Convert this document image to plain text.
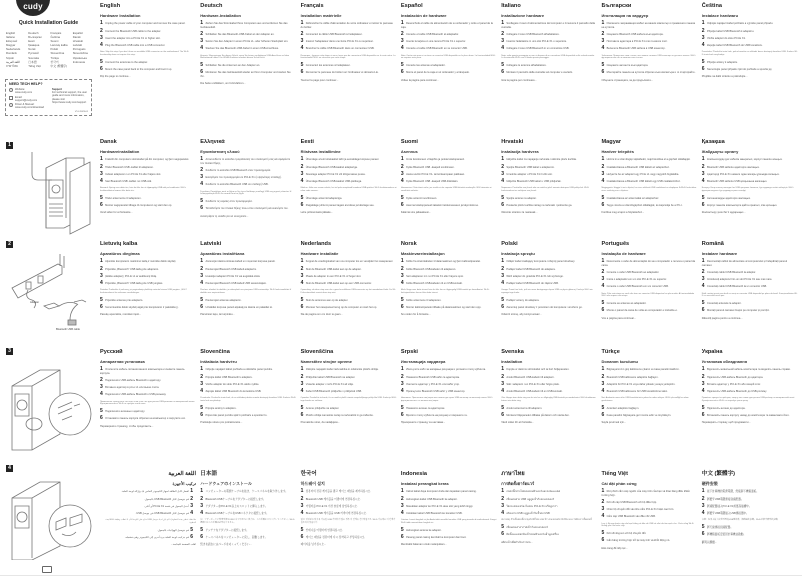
cudy
Quick Installation Guide
English	Deutsch	Français	Español
Italiano	Български	Čeština	Dansk
Ελληνικά	Eesti	Suomi	Hrvatski
Magyar	Қазақша	Lietuvių kalba	Latviski
Nederlands	Norsk	Polski	Português
Română	Русский	Slovenčina	Slovenščina
Srpski	Svenska	Türkçe	Українська
اللغة العربية	日本語	한국어	Indonesia
ภาษาไทย	Tiếng Việt	中文 (繁體字)
NEED TECH HELP?
Website:
www.cudy.com
Email:
support@cudy.com
Driver & Manual:
www.cudy.com/download
Support
For technical support, the user guide and more information, please visit https://www.cudy.com/support
V1.0 2023-01
1
2
Adapter
Bluetooth USB cable
3
4
English
Hardware Installation
1 Unplug the power cable of your computer and remove the case panel.
2 Connect the Bluetooth USB cable to the adapter.
3 Insert the adapter into a PCI-E X1 or higher slot.
4 Plug the Bluetooth USB cable into a USB connector.
Note: Skip this step if you don't have an available USB connector on the motherboard. The Wi-Fi functionality does not require this step.
5 Connect the antennas to the adapter.
6 Mount the case panel back to the computer and boot it up.
Flip the page to continue...
Deutsch
Hardware-Installation
1 Ziehen Sie das Stromkabel Ihres Computers aus und entfernen Sie das Gehäusefeld.
2 Schließen Sie das Bluetooth-USB-Kabel an den Adapter an.
3 Setzen Sie den Adapter in einen PCI-E x1- oder höheren Steckplatz ein.
4 Stecken Sie das Bluetooth-USB-Kabel in einen USB-Anschluss.
Hinweis: Überspringen Sie diesen Schritt, wenn Sie keinen verfügbaren USB-Anschluss auf dem Motherboard haben. Die WLAN-Funktion erfordert diesen Schritt nicht.
5 Schließen Sie die Antennen an den Adapter an.
6 Montieren Sie das Gehäusefeld wieder an Ihren Computer und starten Sie ihn.
Die Seite umblättern, um fortzufahren...
Français
Installation matérielle
1 Débranchez le câble d'alimentation de votre ordinateur et retirez le panneau du boîtier.
2 Connectez le câble USB Bluetooth à l'adaptateur.
3 Insérez l'adaptateur dans une fente PCI-E X1 ou supérieur.
4 Branchez le câble USB Bluetooth dans un connecteur USB.
Remarque : Ignorez cette étape si vous n'avez pas de connecteur USB disponible sur la carte mère. La fonctionnalité Wi-Fi ne nécessite pas cette étape.
5 Connectez les antennes à l'adaptateur.
6 Remontez le panneau du boîtier sur l'ordinateur et démarrez-le.
Tournez la page pour continuer...
Español
Instalación de hardware
1 Desenchufe el cable de alimentación de su ordenador y retire el panel de la caja.
2 Conecte el cable USB Bluetooth al adaptador.
3 Inserte la tarjeta en una ranura PCI-E X1 o superior.
4 Conecte el cable USB Bluetooth en su conector USB.
Nota: Omita este paso si no tiene un conector USB disponible en la placa base. La funcionalidad Wi-Fi no requiere este paso.
5 Conecte las antenas al adaptador.
6 Monte el panel de la caja en el ordenador y arránquelo.
Voltee la página para continuar...
Italiano
Installazione hardware
1 Scollegare il cavo di alimentazione del computer e rimuovere il pannello della custodia.
2 Collegare il cavo USB Bluetooth all'adattatore.
3 Inserire l'adattatore in uno slot PCI-E X1 o superiore.
4 Collegare il cavo USB Bluetooth in un connettore USB.
Nota: salta questo passaggio se non si dispone di un connettore USB disponibile sulla scheda madre. La funzionalità Wi-Fi non richiede questo passaggio.
5 Collegare le antenne all'adattatore.
6 Montare il pannello della custodia sul computer e avviarlo.
Gira la pagina per continuare...
Български
Инсталация на хардуер
1 Изключете захранващия кабел на вашия компютър и премахнете панела на кутията.
2 Свържете Bluetooth USB кабела към адаптера.
3 Поставете адаптера в PCI-E X1 или по-висок слот.
4 Включете Bluetooth USB кабела в USB конектор.
Забележка: Пропуснете тази стъпка, ако нямате наличен USB конектор на дънната платка. Wi-Fi функционалността не изисква тази стъпка.
5 Свържете антените към адаптера.
6 Монтирайте панела на кутията обратно към компютъра и го стартирайте.
Обърнете страницата, за да продължите...
Čeština
Instalace hardwaru
1 Odpojte napájecí kabel počítače a vyjměte panel případu.
2 Připojte kabel USB Bluetooth k adaptéru.
3 Vložte adaptér do slotu PCI-E X1.
4 Zapojte kabel USB Bluetooth do USB konektoru.
Poznámka: Přeskočte tento krok, pokud nemáte na základní desce dostupný konektor USB. Funkce Wi-Fi tento krok nevyžaduje.
5 Připojte antény k adaptéru.
6 Namontujte panel případu zpět do počítače a spusťte jej.
Přejděte na další stránku a pokračujte...
Dansk
Hardwareinstallation
1 Frakobl din computers strømkabel på din computer, og fjern sagspanelet.
2 Tilslut Bluetooth USB -kablet til adapteren.
3 Indsæt adapteren i en PCI-E X1 eller højere slot.
4 Sæt Bluetooth USB -kablet i et USB-stik.
Bemærk: Spring over dette trin, hvis du ikke har et tilgængeligt USB-stik på bundkortet. Wi-Fi-funktionaliteten kræver ikke dette trin.
5 Tilslut antennerne til adapteren.
6 Monter sagspanelet tilbage til computeren og start den op.
Vend siden for at fortsætte...
Ελληνικά
Εγκατάσταση υλικού
1 Αποσυνδέστε το καλώδιο τροφοδοσίας του υπολογιστή σας και αφαιρέστε τον πίνακα θήκης.
2 Συνδέστε το καλώδιο USB Bluetooth στον προσαρμογέα.
3 Εισαγάγετε τον προσαρμογέα σε PCI-E X1 ή υψηλότερη υποδοχή.
4 Συνδέστε το καλώδιο Bluetooth USB σε υποδοχή USB.
Σημείωση: Παραλείψτε αυτό το βήμα αν δεν έχετε διαθέσιμη υποδοχή USB στη μητρική πλακέτα. Η λειτουργικότητα Wi-Fi δεν απαιτεί αυτό το βήμα.
5 Συνδέστε τις κεραίες στον προσαρμογέα.
6 Τοποθετήστε τον πίνακα θήκης πίσω στον υπολογιστή και εκκινήστε τον.
Αναστρέψτε τη σελίδα για να συνεχίσετε...
Eesti
Riistvara installimine
1 Ühendage arvuti toitekaabel lahti ja eemaldage korpuse paneel.
2 Ühendage Bluetooth USB-kaabel adapteriga.
3 Sisestage adapter PCI-E X1 või kõrgemasse pessa.
4 Ühendage Bluetooth USB-kaabel USB-pistikuga.
Märkus: Jätke see samm vahele, kui teil pole emaplaadil saadaval USB-pistikut. Wi-Fi funktsionaalsus ei nõua seda sammu.
5 Ühendage antennid adapteriga.
6 Paigaldage juhtumi paneel tagasi arvutisse ja käivitage see.
Lehe pööramiseks jätkake...
Suomi
Asennus
1 Irrota tietokoneen virtajohto ja poista kotelopaneeli.
2 Kytke Bluetooth USB -kaapeli sovittimeen.
3 Aseta sovitin PCI-E X1- tai korkeampaan paikkaan.
4 Kytke Bluetooth USB -kaapeli USB-liitäntään.
Huomautus: Ohita tämä vaihe, jos sinulla ei ole vapaata USB-liitäntää emolevyllä. Wi-Fi-toiminto ei vaadi tätä vaihetta.
5 Kytke antennit sovittimeen.
6 Asenna koteloppaneeli takaisin tietokoneeseen ja käynnistä se.
Käännä sivu jatkaaksesi...
Hrvatski
Instalacija hardvera
1 Isključite kabel za napajanje računala i uklonite ploču kućišta.
2 Spojite Bluetooth USB kabel s adapterom.
3 Umetnite adapter u PCI-E X1 ili viši utor.
4 Uključite Bluetooth USB kabel u USB priključak.
Napomena: Preskočite ovaj korak ako na matičnoj ploči nemate dostupan USB priključak. Wi-Fi funkcionalnost ne zahtijeva ovaj korak.
5 Spojite antene na adapter.
6 Postavite ploču kućišta natrag na računalo i pokrenite ga.
Okrenite stranicu za nastavak...
Magyar
Hardver telepítés
1 Húzza ki a számítógép tápkábelét, majd távolítsa el a gépház oldallapját.
2 Csatlakoztassa a Bluetooth USB kábelt az adapterhez.
3 Helyezze be az adaptert egy PCIe x1 vagy nagyobb foglalatba.
4 Csatlakoztassa a Bluetooth USB kábelt egy USB csatlakozóhoz.
Megjegyzés: Hagyja ki ezt a lépést, ha nincs elérhető USB csatlakozó az alaplapon. A Wi-Fi funkcióhoz nincs szükség erre a lépésre.
5 Csatlakoztassa az antennákat az adapterhez.
6 Tegye vissza a számítógépház oldallapját, és kapcsolja be a PC-t.
Fordítsa meg a lapot a folytatáshoz...
Қазақша
Жабдықты орнату
1 Компьютердің қуат кабелін ажыратып, корпус панелін алыңыз.
2 Bluetooth USB кабелін адаптерге жалғаңыз.
3 Адаптерді PCI-E X1 немесе одан жоғары ұяшыққа салыңыз.
4 Bluetooth USB кабелін USB қосқышына жалғаңыз.
Ескерту: Егер аналық платада бос USB қосқышы болмаса, бұл қадамды өткізіп жіберіңіз. Wi-Fi функционалдығы бұл қадамды қажет етпейді.
5 Антенналарды адаптерге жалғаңыз.
6 Корпус панелін компьютерге қайта орнатып, іске қосыңыз.
Жалғастыру үшін бетті аударыңыз...
Lietuvių kalba
Aparatūros diegimas
1 Atjunkite kompiuterio maitinimo laidą ir nuimkite dėklo skydelį.
2 Prijunkite „Bluetooth" USB laidą prie adapterio.
3 Įdėkite adapterį į PCI-E x1 ar aukštesnį lizdą.
4 Prijunkite „Bluetooth" USB laidą prie USB jungties.
Pastaba: Praleiskite šį veiksmą, jei pagrindinėje plokštėje neturite laisvos USB jungties. „Wi-Fi" funkcionalumui šis veiksmas nereikalingas.
5 Prijunkite antenas prie adapterio.
6 Sumontuokite dėklo skydelį atgal prie kompiuterio ir paleiskite jį.
Pasukę apverskite, norėdami tęsti...
Latviski
Aparatūras instalēšana
1 Atvienojiet datora strāvas kabeli un noņemiet korpusa paneli.
2 Pievienojiet Bluetooth USB kabeli adapterim.
3 Ievietojiet adapteri PCI-E X1 vai augstākā slotā.
4 Pievienojiet Bluetooth USB kabeli USB savienotājam.
Piezīme: izlaidiet šo darbību, ja mātesplatē nav pieejama USB savienotāja. Wi-Fi funkcionalitātei šī darbība nav nepieciešama.
5 Pievienojiet antenas adapterim.
6 Uzstādiet korpusa paneli atpakaļ pie datora un palaidiet to.
Pārvērsiet lapu, lai turpinātu...
Nederlands
Hardware installatie
1 Koppel de voedingskabel van uw computer los en verwijder het casepaneel.
2 Sluit de Bluetooth USB-kabel aan op de adapter.
3 Plaats de adapter in een PCI-E X1 of hoger slot.
4 Sluit de Bluetooth USB-kabel aan op een USB-connector.
Opmerking: sla deze stap over als u geen beschikbare USB-connector op het moederbord hebt. De Wi-Fi-functionaliteit vereist deze stap niet.
5 Sluit de antennes aan op de adapter.
6 Monteer het casepaneel terug op de computer en start het op.
Sla de pagina om om door te gaan...
Norsk
Maskinvareinstallasjon
1 Koble fra strømkabelen til datamaskinen og fjern kabinettpanelet.
2 Koble Bluetooth USB-kabelen til adapteren.
3 Sett adapteren inn i et PCI-E X1 eller høyere spor.
4 Koble Bluetooth USB-kabelen til en USB-kontakt.
Merk: Hopp over dette trinnet hvis du ikke har en tilgjengelig USB-kontakt på hovedkortet. Wi-Fi-funksjonaliteten krever ikke dette trinnet.
5 Koble antennene til adapteren.
6 Monter kabinettpanelet tilbake på datamaskinen og start den opp.
Snu siden for å fortsette...
Polski
Instalacja sprzętu
1 Odłącz kabel zasilający komputera i zdejmij panel obudowy.
2 Podłącz kabel USB Bluetooth do adaptera.
3 Włóż adapter do gniazda PCI-E X1 lub wyższego.
4 Podłącz kabel USB Bluetooth do złącza USB.
Uwaga: Pomiń ten krok, jeśli nie masz dostępnego złącza USB na płycie głównej. Funkcja Wi-Fi nie wymaga tego kroku.
5 Podłącz anteny do adaptera.
6 Zamontuj panel obudowy z powrotem do komputera i uruchom go.
Odwróć stronę, aby kontynuować...
Português
Instalação de hardware
1 Desconecte o cabo de alimentação do seu computador e remova o painel da caixa.
2 Conecte o cabo USB Bluetooth ao adaptador.
3 Insira o adaptador em um slot PCI-E X1 ou superior.
4 Conecte o cabo USB Bluetooth em um conector USB.
Nota: Pule esta etapa se você não tiver um conector USB disponível na placa-mãe. A funcionalidade Wi-Fi não requer esta etapa.
5 Conecte as antenas ao adaptador.
6 Monte o painel da caixa de volta ao computador e inicialize-o.
Vire a página para continuar...
Română
Instalare hardware
1 Deconectați cablul de alimentare al computerului și îndepărtați panoul carcasei.
2 Conectați cablul USB Bluetooth la adaptor.
3 Introduceți adaptorul într-un slot PCI-E X1 sau mai mare.
4 Conectați cablul USB Bluetooth la un conector USB.
Notă: omiteți acest pas dacă nu aveți un conector USB disponibil pe placa de bază. Funcționalitatea Wi-Fi nu necesită acest pas.
5 Conectați antenele la adaptor.
6 Montați panoul carcasei înapoi pe computer și porniți-l.
Răsuciți pagina pentru a continua...
Русский
Аппаратная установка
1 Отключите кабель питания вашего компьютера и снимите панель корпуса.
2 Подключите USB-кабель Bluetooth к адаптеру.
3 Вставьте адаптер в pci-e x1 или выше слота.
4 Подключите USB-кабель Bluetooth к USB-разъему.
Примечание: пропустите этот шаг, если у вас нет доступного USB-разъема на материнской плате. Функциональность Wi-Fi не требует этого шага.
5 Подключите антенны к адаптеру.
6 Установите панель корпуса обратно на компьютер и загрузите его.
Переверните страницу, чтобы продолжить...
Slovenčina
Inštalácia hardvéru
1 Odpojte napájací kábel počítača a odstráňte panel puzdra.
2 Pripojte kábel USB Bluetooth k adaptéru.
3 Vložte adaptér do slotu PCI-E X1 alebo vyššie.
4 Zapojte kábel USB Bluetooth do konektora USB.
Poznámka: Preskočte tento krok, ak na základnej doske nemáte dostupný konektor USB. Funkcia Wi-Fi tento krok nevyžaduje.
5 Pripojte antény k adaptéru.
6 Pripevnite panel puzdra späť k počítaču a spustite ho.
Prelistujte stranu pre pokračovanie...
Slovenščina
Namestitev strojne opreme
1 Izklopite napajalni kabel računalnika in odstranite ploščo ohišja.
2 Priključite kabel USB Bluetooth na adapter.
3 Vstavite adapter v režo PCI-E X1 ali višje.
4 Kabel USB Bluetooth priključite v priključek USB.
Opomba: Preskočite ta korak, če na matični plošči nimate razpoložljivega priključka USB. Funkcija Wi-Fi tega koraka ne zahteva.
5 Antene priključite na adapter.
6 Ploščo ohišja namestite nazaj na računalnik in ga zaženite.
Premaknite stran, da nadaljujete...
Srpski
Инсталација хардвера
1 Искључите кабл за напајање рачунара и уклоните плочу кућишта.
2 Повежите Bluetooth USB кабл са адаптером.
3 Уметните адаптер у PCI-E X1 или већи утор.
4 Прикључите Bluetooth USB кабл у USB конектор.
Напомена: Прескочите овај корак ако немате доступан USB конектор на матичној плочи. Wi-Fi функционалност не захтева овај корак.
5 Повежите антене са адаптером.
6 Вратите плочу кућишта на рачунар и покрените га.
Преокрените страницу за наставак...
Svenska
Installation
1 Koppla ur datorns strömkabel och ta bort höljepanelen.
2 Anslut Bluetooth USB-kabeln till adaptern.
3 Sätt i adaptern i en PCI-E X1 eller högre plats.
4 Anslut Bluetooth USB-kabeln till en USB-kontakt.
Obs: Hoppa över detta steg om du inte har en tillgänglig USB-kontakt på moderkortet. Wi-Fi-funktionen kräver inte detta steg.
5 Anslut antennerna till adaptern.
6 Montera höljepanelen tillbaka på datorn och starta den.
Vänd sidan för att fortsätta...
Türkçe
Donanım kurulumu
1 Bilgisayarınızın güç kablosunu çıkarın ve kasa panelini kaldırın.
2 Bluetooth USB kablosunu adaptöre bağlayın.
3 Adaptörü bir PCI-E X1 veya daha yüksek yuvaya yerleştirin.
4 Bluetooth USB kablosunu bir USB konektörüne takın.
Not: Anakartta mevcut bir USB konektörünüz yoksa bu adımı atlayın. Wi-Fi işlevselliği bu adımı gerektirmez.
5 Antenleri adaptöre bağlayın.
6 Kasa panelini bilgisayara geri monte edin ve önyükleyin.
Sayfa çevirmek için...
Україна
Установка обладнання
1 Відключіть живильний кабель комп'ютера та видаліть панель справи.
2 Підключіть USB-кабель Bluetooth до адаптера.
3 Вставте адаптер у PCI-E X1 або вищий слот.
4 Підключіть USB-кабель Bluetooth до USB-роз'єму.
Примітка: пропустіть цей крок, якщо у вас немає доступного USB-роз'єму на материнській платі. Функціональність Wi-Fi не потребує цього кроку.
5 Підключіть антени до адаптера.
6 Встановіть панель корпусу назад до комп'ютера та завантажте його.
Переверніть сторінку, щоб продовжити...
اللغة العربية
تركيب الأجهزة
1 افصل كابل الطاقة لجهاز الكمبيوتر الخاص بك وإزالة لوحة العلبة.
2 قم بتوصيل كابل USB Bluetooth بالمحول.
3 أدخل المحول في فتحة PCI-E X1 أو أعلى.
4 قم بتوصيل كابل USB Bluetooth في موصل USB.
ملاحظة: تخطى هذه الخطوة إذا لم يكن لديك موصل USB متاح على اللوحة الأم. لا تتطلب وظيفة Wi-Fi هذه الخطوة.
5 قم بتوصيل الهوائيات بالمحول.
6 قم بتركيب لوحة العلبة مرة أخرى إلى الكمبيوتر وقم بتشغيله.
اقلب الصفحة للمتابعة...
日本語
ハードウェアのインストール
1 コンピューターの電源ケーブルを抜き、ケースパネルを取り外します。
2 Bluetooth USBケーブルをアダプターに接続します。
3 アダプターをPCI-E X1以上のスロットに挿入します。
4 Bluetooth USBケーブルをUSBコネクタに接続します。
注：マザーボードに利用可能なUSBコネクタがない場合は、この手順をスキップしてください。Wi-Fi機能にはこの手順は必要ありません。
5 アンテナをアダプターに接続します。
6 ケースパネルをコンピューターに戻し、起動します。
続きを読むにはページをめくってください...
한국어
하드웨어 설치
1 컴퓨터의 전원 케이블을 뽑고 케이스 패널을 제거하십시오.
2 Bluetooth USB 케이블을 어댑터에 연결하십시오.
3 어댑터를 PCI-E X1 이상 슬롯에 삽입하십시오.
4 Bluetooth USB 케이블을 USB 커넥터에 연결하십시오.
참고: 마더보드에 사용 가능한 USB 커넥터가 없는 경우 이 단계를 건너뛰십시오. Wi-Fi 기능에는 이 단계가 필요하지 않습니다.
5 안테나를 어댑터에 연결하십시오.
6 케이스 패널을 컴퓨터에 다시 장착하고 부팅하십시오.
페이지를 넘기십시오...
Indonesia
Instalasi perangkat keras
1 Cabut kabel daya komputer Anda dan lepaskan panel casing.
2 Hubungkan kabel USB Bluetooth ke adaptor.
3 Masukkan adaptor ke PCI-E X1 atau slot yang lebih tinggi.
4 Colokkan kabel USB Bluetooth ke konektor USB.
Catatan: Lewati langkah ini jika Anda tidak memiliki konektor USB yang tersedia di motherboard. Fungsi Wi-Fi tidak memerlukan langkah ini.
5 Hubungkan antena ke adaptor.
6 Pasang panel casing kembali ke komputer dan boot.
Membalik halaman untuk melanjutkan...
ภาษาไทย
การติดตั้งฮาร์ดแวร์
1 ถอดปลั๊กสายไฟของคอมพิวเตอร์และถอดแผงเคส
2 เชื่อมต่อสาย USB บลูทูธเข้ากับอะแดปเตอร์
3 ใส่อะแดปเตอร์ลงในช่อง PCI-E X1 หรือสูงกว่า
4 เสียบสาย USB บลูทูธเข้ากับขั้วต่อ USB
หมายเหตุ: ข้ามขั้นตอนนี้หากคุณไม่มีขั้วต่อ USB ที่ว่างบนเมนบอร์ด ฟังก์ชัน Wi-Fi ไม่ต้องการขั้นตอนนี้
5 เชื่อมต่อเสาอากาศเข้ากับอะแดปเตอร์
6 ติดตั้งแผงเคสกลับเข้าคอมพิวเตอร์แล้วบูตเครื่อง
พลิกหน้าเพื่อดำเนินการต่อ...
Tiếng Việt
Cài đặt phần cứng
1 Rút phích cắm cáp nguồn của máy tính của bạn và tháo bảng điều khiển trường hợp.
2 Kết nối cáp USB Bluetooth với bộ điều hợp.
3 Chèn bộ chuyển đổi vào khe cắm PCI-E X1 hoặc cao hơn.
4 Cắm cáp USB Bluetooth vào đầu nối USB.
Lưu ý: Bỏ qua bước này nếu bạn không có đầu nối USB có sẵn trên bo mạch chủ. Chức năng Wi-Fi không yêu cầu bước này.
5 Kết nối ăng-ten với bộ chuyển đổi.
6 Gắn bảng trường hợp trở lại máy tính và khởi động nó.
Đảo trang để tiếp tục...
中文 (繁體字)
硬件安裝
1 拔下計算機的電源電纜，然後卸下機箱面板。
2 將藍牙USB電纜連接到適配器。
3 將適配器插入PCI-E X1或更高插槽中。
4 將藍牙USB電纜插入USB連接器中。
注意：如果主板上沒有可用的USB連接器，請跳過此步驟。Wi-Fi功能不需要此步驟。
5 將天線連接到適配器。
6 將機箱面板安裝回計算機並啟動。
翻頁以繼續...
